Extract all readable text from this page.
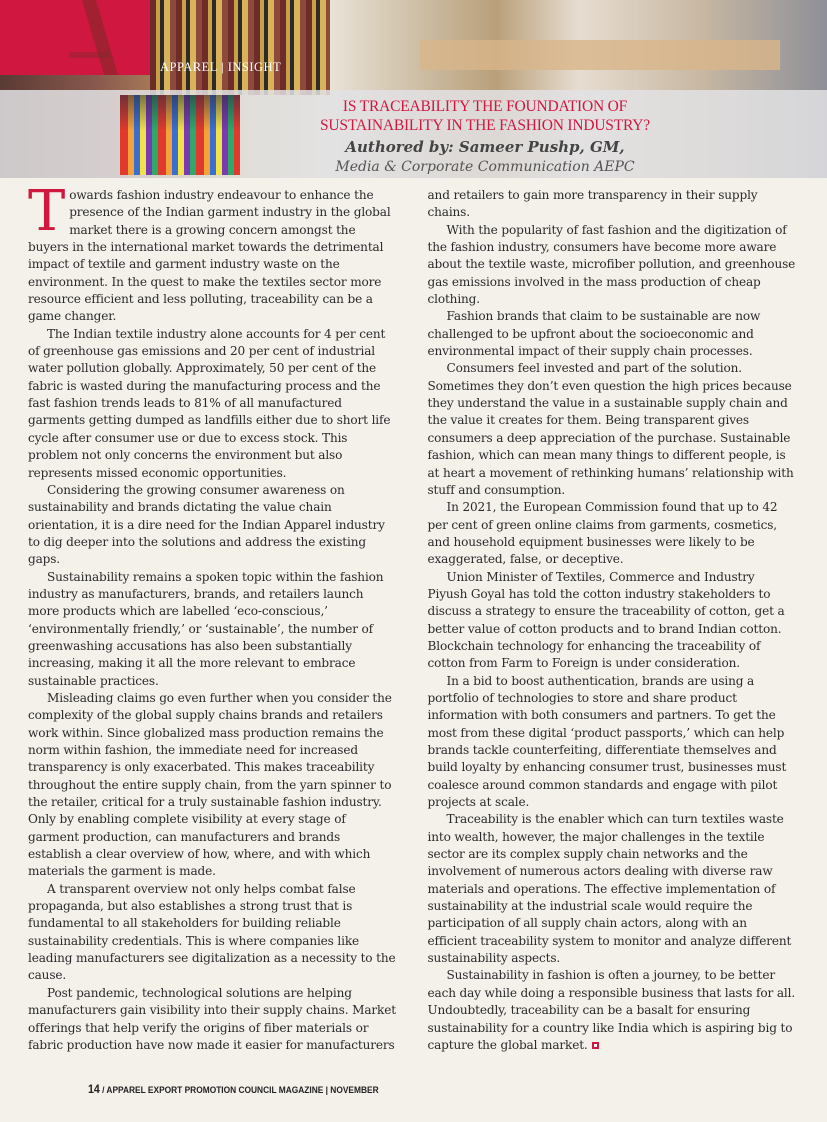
APPAREL | INSIGHT
IS TRACEABILITY THE FOUNDATION OF
SUSTAINABILITY IN THE FASHION INDUSTRY?
Authored by: Sameer Pushp, GM,
Media & Corporate Communication AEPC

Towards fashion industry endeavour to enhance the presence of the Indian garment industry in the global market there is a growing concern amongst the buyers in the international market towards the detrimental impact of textile and garment industry waste on the environment. In the quest to make the textiles sector more resource efficient and less polluting, traceability can be a game changer.

The Indian textile industry alone accounts for 4 per cent of greenhouse gas emissions and 20 per cent of industrial water pollution globally. Approximately, 50 per cent of the fabric is wasted during the manufacturing process and the fast fashion trends leads to 81% of all manufactured garments getting dumped as landfills either due to short life cycle after consumer use or due to excess stock. This problem not only concerns the environment but also represents missed economic opportunities.

Considering the growing consumer awareness on sustainability and brands dictating the value chain orientation, it is a dire need for the Indian Apparel industry to dig deeper into the solutions and address the existing gaps.

Sustainability remains a spoken topic within the fashion industry as manufacturers, brands, and retailers launch more products which are labelled ‘eco-conscious,’ ‘environmentally friendly,’ or ‘sustainable’, the number of greenwashing accusations has also been substantially increasing, making it all the more relevant to embrace sustainable practices.

Misleading claims go even further when you consider the complexity of the global supply chains brands and retailers work within. Since globalized mass production remains the norm within fashion, the immediate need for increased transparency is only exacerbated. This makes traceability throughout the entire supply chain, from the yarn spinner to the retailer, critical for a truly sustainable fashion industry. Only by enabling complete visibility at every stage of garment production, can manufacturers and brands establish a clear overview of how, where, and with which materials the garment is made.

A transparent overview not only helps combat false propaganda, but also establishes a strong trust that is fundamental to all stakeholders for building reliable sustainability credentials. This is where companies like leading manufacturers see digitalization as a necessity to the cause.

Post pandemic, technological solutions are helping manufacturers gain visibility into their supply chains. Market offerings that help verify the origins of fiber materials or fabric production have now made it easier for manufacturers and retailers to gain more transparency in their supply chains.

With the popularity of fast fashion and the digitization of the fashion industry, consumers have become more aware about the textile waste, microfiber pollution, and greenhouse gas emissions involved in the mass production of cheap clothing.

Fashion brands that claim to be sustainable are now challenged to be upfront about the socioeconomic and environmental impact of their supply chain processes.

Consumers feel invested and part of the solution. Sometimes they don’t even question the high prices because they understand the value in a sustainable supply chain and the value it creates for them. Being transparent gives consumers a deep appreciation of the purchase. Sustainable fashion, which can mean many things to different people, is at heart a movement of rethinking humans’ relationship with stuff and consumption.

In 2021, the European Commission found that up to 42 per cent of green online claims from garments, cosmetics, and household equipment businesses were likely to be exaggerated, false, or deceptive.

Union Minister of Textiles, Commerce and Industry Piyush Goyal has told the cotton industry stakeholders to discuss a strategy to ensure the traceability of cotton, get a better value of cotton products and to brand Indian cotton. Blockchain technology for enhancing the traceability of cotton from Farm to Foreign is under consideration.

In a bid to boost authentication, brands are using a portfolio of technologies to store and share product information with both consumers and partners. To get the most from these digital ‘product passports,’ which can help brands tackle counterfeiting, differentiate themselves and build loyalty by enhancing consumer trust, businesses must coalesce around common standards and engage with pilot projects at scale.

Traceability is the enabler which can turn textiles waste into wealth, however, the major challenges in the textile sector are its complex supply chain networks and the involvement of numerous actors dealing with diverse raw materials and operations. The effective implementation of sustainability at the industrial scale would require the participation of all supply chain actors, along with an efficient traceability system to monitor and analyze different sustainability aspects.

Sustainability in fashion is often a journey, to be better each day while doing a responsible business that lasts for all. Undoubtedly, traceability can be a basalt for ensuring sustainability for a country like India which is aspiring big to capture the global market.

14 / APPAREL EXPORT PROMOTION COUNCIL MAGAZINE | NOVEMBER
